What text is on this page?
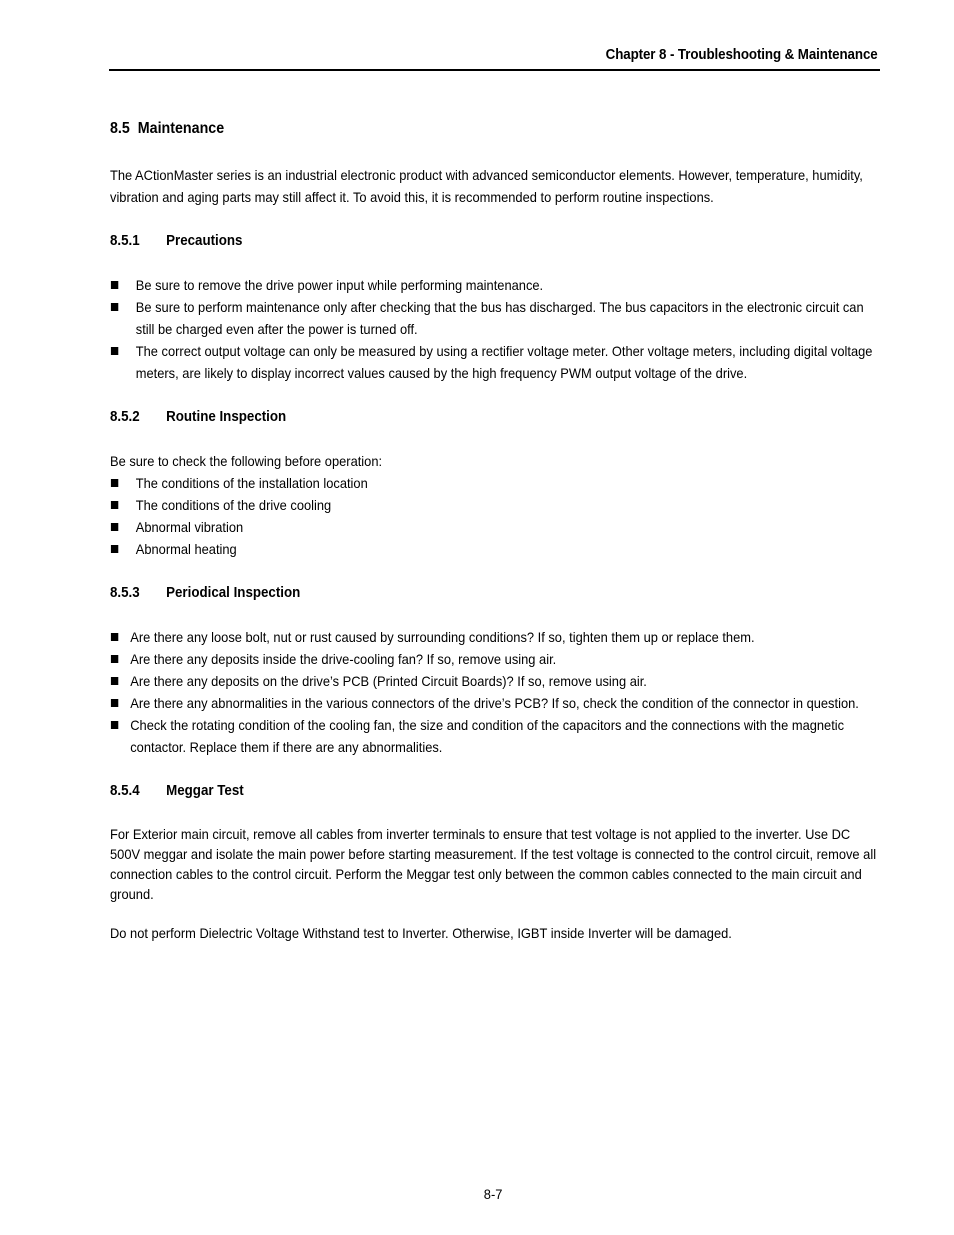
Chapter 8 - Troubleshooting & Maintenance
8.5 Maintenance

The ACtionMaster series is an industrial electronic product with advanced semiconductor elements. However, temperature, humidity, vibration and aging parts may still affect it. To avoid this, it is recommended to perform routine inspections.

8.5.1 Precautions
Be sure to remove the drive power input while performing maintenance.
Be sure to perform maintenance only after checking that the bus has discharged. The bus capacitors in the electronic circuit can still be charged even after the power is turned off.
The correct output voltage can only be measured by using a rectifier voltage meter. Other voltage meters, including digital voltage meters, are likely to display incorrect values caused by the high frequency PWM output voltage of the drive.
8.5.2 Routine Inspection

Be sure to check the following before operation:

The conditions of the installation location
The conditions of the drive cooling
Abnormal vibration
Abnormal heating
8.5.3 Periodical Inspection
Are there any loose bolt, nut or rust caused by surrounding conditions? If so, tighten them up or replace them.
Are there any deposits inside the drive-cooling fan? If so, remove using air.
Are there any deposits on the drive’s PCB (Printed Circuit Boards)? If so, remove using air.
Are there any abnormalities in the various connectors of the drive’s PCB? If so, check the condition of the connector in question.
Check the rotating condition of the cooling fan, the size and condition of the capacitors and the connections with the magnetic contactor. Replace them if there are any abnormalities.
8.5.4 Meggar Test

For Exterior main circuit, remove all cables from inverter terminals to ensure that test voltage is not applied to the inverter. Use DC 500V meggar and isolate the main power before starting measurement. If the test voltage is connected to the control circuit, remove all connection cables to the control circuit. Perform the Meggar test only between the common cables connected to the main circuit and ground.

Do not perform Dielectric Voltage Withstand test to Inverter. Otherwise, IGBT inside Inverter will be damaged.

8-7
